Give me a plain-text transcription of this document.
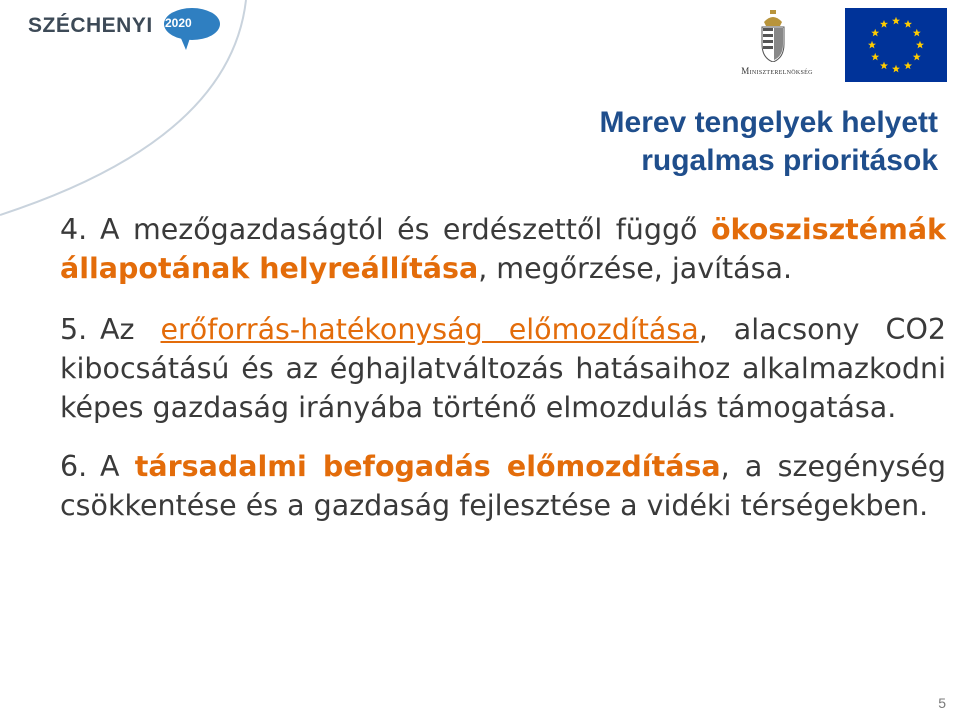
SZÉCHENYI 2020
Miniszterelnökség
Merev tengelyek helyett
rugalmas prioritások

4. A mezőgazdaságtól és erdészettől függő ökoszisztémák állapotának helyreállítása, megőrzése, javítása.

5. Az erőforrás-hatékonyság előmozdítása, alacsony CO2 kibocsátású és az éghajlatváltozás hatásaihoz alkalmazkodni képes gazdaság irányába történő elmozdulás támogatása.

6. A társadalmi befogadás előmozdítása, a szegénység csökkentése és a gazdaság fejlesztése a vidéki térségekben.

5
